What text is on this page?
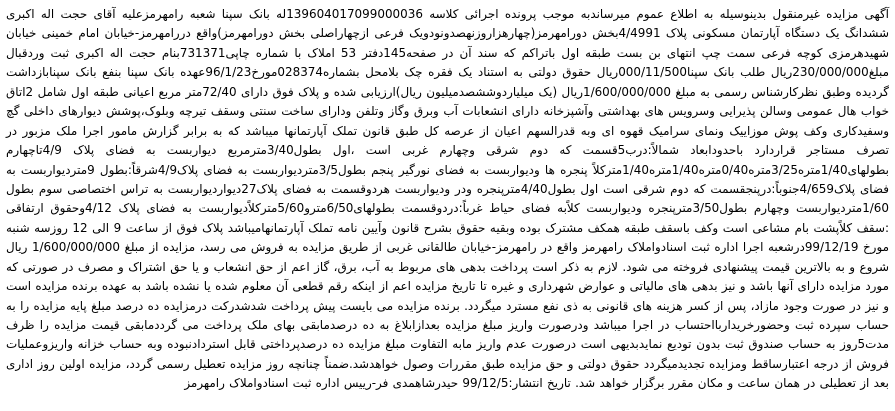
آگهی مزایده غیرمنقول بدینوسیله به اطلاع عموم میرساندبه موجب پرونده اجرائی کلاسه 139604017099000036له بانک سپنا شعبه رامهرمزعلیه آقای حجت اله اکبری ششدانگ یک دستگاه آپارتمان مسکونی پلاک 4/4991بخش دورامهرمز(چهارهزاروزنهصدونودویک فرعی ازچهاراصلی بخش دورامهرمز)واقع دررامهرمز-خیابان امام خمینی خیابان شهیدهرمزی کوچه فرعی سمت چپ انتهای بن بست طبقه اول باتراکم که سند آن در صفحه145دفتر 53 املاک با شماره چاپی731371بنام حجت اله اکبری ثبت وردقبال مبلغ230/000/000ریال طلب بانک سپنا000/11/500ریال حقوق دولتی به استناد یک فقره چک بلامحل بشماره028374مورخ96/1/23عهده بانک سپنا بنفع بانک سپنابازداشت گردیده وطبق نظرکارشناس رسمی به مبلغ 1/600/000/000ریال (یک میلیاردوششصدمیلیون ریال)ارزیابی شده و پلاک فوق دارای 72/40متر مربع اعیانی طبقه اول شامل 2اتاق خواب هال عمومی وسالن پذیرایی وسرویس های بهداشتی وآشپزخانه دارای انشعابات آب وبرق وگاز وتلفن ودارای ساخت سنتی وسقف تیرچه وبلوک،پوشش دیوارهای داخلی گچ وسفیدکاری وکف پوش موزاییک ونمای سرامیک قهوه ای وبه قدرالسهم اعیان از عرصه کل طبق قانون تملک آپارتمانها میباشد که به برابر گزارش مامور اجرا ملک مزبور در تصرف مستاجر قراردارد باحدودابعاد شمالاً:درب5قسمت که دوم شرقی وچهارم غربی است ،اول بطول3/40مترمربع دیواربست به فضای پلاک 4/9تاچهارم بطولهای1/40متره3/25متره0/40متره1/40متره1/40مترکلاً پنجره ها ودیواربست به فضای نورگیر پنجم بطول3/5متردیواربست به فضای پلاک4/9شرقاً:بطول 9متردیواربست به فضای پلاک4/659جنوباً:درپنجقسمت که دوم شرقی است اول بطول4/40مترپنجره ودر ودیواربست هردوقسمت به فضای پلاک27دیواردیواربست به تراس اختصاصی سوم بطول 1/60متردیواربست وچهارم بطول3/50مترپنجره ودیواربست کلاًبه فضای حیاط غرباً:دردوقسمت بطولهای6/50مترو5/60مترکلاًدیواربست به فضای پلاک 4/12وحقوق ارتفاقی :سقف کلاًپشت بام مشاعی است وکف باسقف طبقه همکف مشترک بوده وبقیه حقوق بشرح قانون وآیین نامه تملک آپارتمانهامیباشد پلاک فوق از ساعت 9 الی 12 روزسه شنبه مورخ 99/12/19درشعبه اجرا اداره ثبت اسنادواملاک رامهرمز واقع در رامهرمز-خیابان طالقانی غربی از طریق مزایده به فروش می رسد، مزایده از مبلغ 1/600/000/000 ریال شروع و به بالاترین قیمت پیشنهادی فروخته می شود. لازم به ذکر است پرداخت بدهی های مربوط به آب، برق، گاز اعم از حق انشعاب و یا حق اشتراک و مصرف در صورتی که مورد مزایده دارای آنها باشد و نیز بدهی های مالیاتی و عوارض شهرداری و غیره تا تاریخ مزایده اعم از اینکه رقم قطعی آن معلوم شده یا نشده باشد به عهده برنده مزایده است و نیز در صورت وجود مازاد، پس از کسر هزینه های قانونی به ذی نفع مسترد میگردد. برنده مزایده می بایست پیش پرداخت شدشدرکت درمزایده ده درصد مبلغ پایه مزایده را به حساب سپرده ثبت وحضورخریداربااحتساب در اجرا میباشد ودرصورت واریز مبلغ مزایده بعدازابلاغ به ده درصدمابقی بهای ملک پرداخت می گرددمابقی قیمت مزایده را ظرف مدت5روز به حساب صندوق ثبت بدون تودیع نمایدبدیهی است درصورت عدم واریز مابه التفاوت مبلغ مزایده ده درصدپرداختی قابل استردادنبوده وبه حساب خزانه واریزوعملیات فروش از درجه اعتبارساقط ومزایده تجدیدمیگردد حقوق دولتی و حق مزایده طبق مقررات وصول خواهدشد.ضمناً چنانچه روز مزایده تعطیل رسمی گردد، مزایده اولین روز اداری بعد از تعطیلی در همان ساعت و مکان مقرر برگزار خواهد شد. تاریخ انتشار:99/12/5 حیدرشاهمدی فر-رییس اداره ثبت اسنادواملاک رامهرمز
